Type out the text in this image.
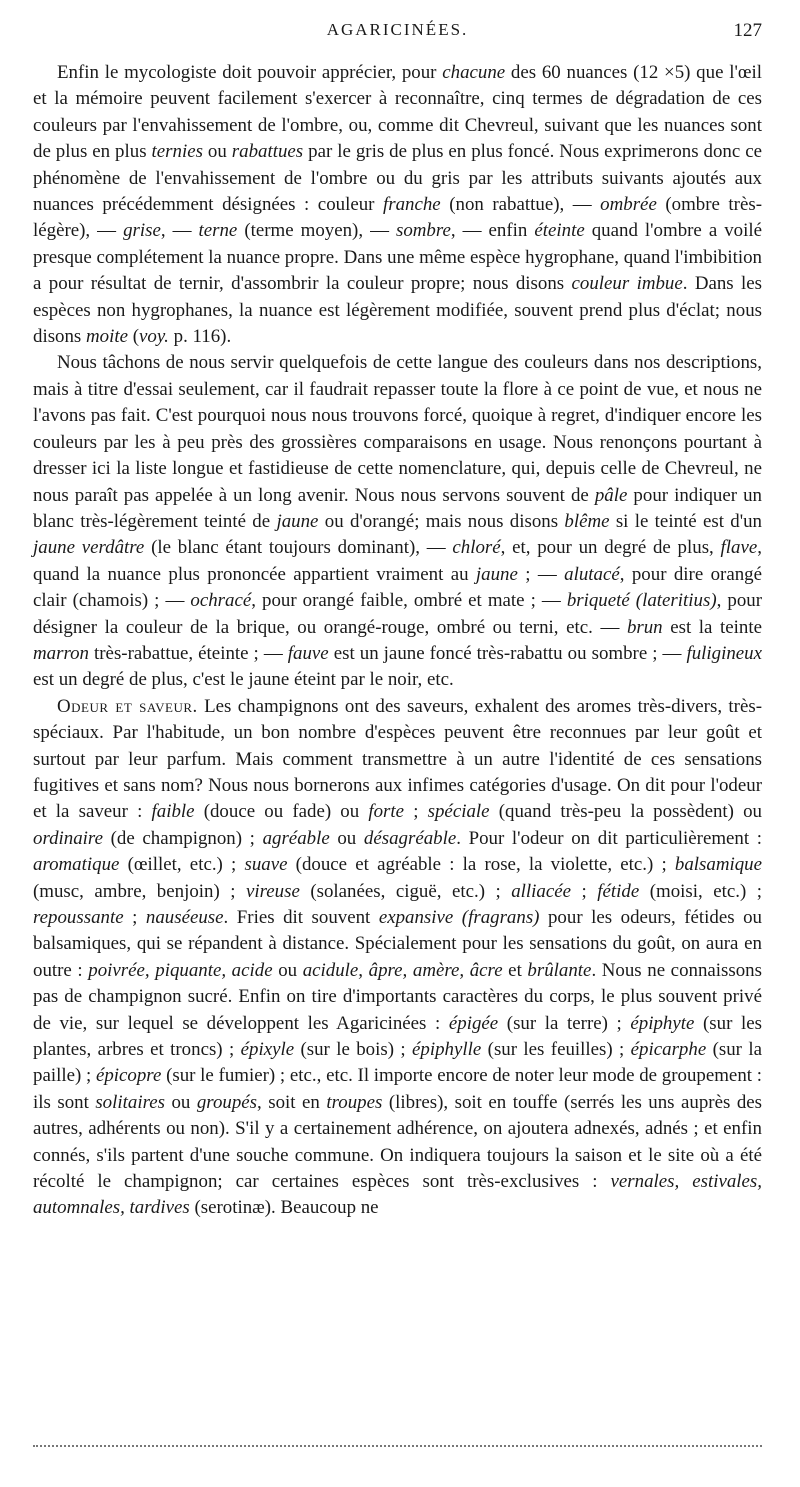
AGARICINÉES.	127

Enfin le mycologiste doit pouvoir apprécier, pour chacune des 60 nuances (12 ×5) que l'œil et la mémoire peuvent facilement s'exercer à reconnaître, cinq termes de dégradation de ces couleurs par l'envahissement de l'ombre, ou, comme dit Chevreul, suivant que les nuances sont de plus en plus ternies ou rabattues par le gris de plus en plus foncé. Nous exprimerons donc ce phénomène de l'envahissement de l'ombre ou du gris par les attributs suivants ajoutés aux nuances précédemment désignées : couleur franche (non rabattue), — ombrée (ombre très-légère), — grise, — terne (terme moyen), — sombre, — enfin éteinte quand l'ombre a voilé presque complétement la nuance propre. Dans une même espèce hygrophane, quand l'imbibition a pour résultat de ternir, d'assombrir la couleur propre; nous disons couleur imbue. Dans les espèces non hygrophanes, la nuance est légèrement modifiée, souvent prend plus d'éclat; nous disons moite (voy. p. 116).

Nous tâchons de nous servir quelquefois de cette langue des couleurs dans nos descriptions, mais à titre d'essai seulement, car il faudrait repasser toute la flore à ce point de vue, et nous ne l'avons pas fait. C'est pourquoi nous nous trouvons forcé, quoique à regret, d'indiquer encore les couleurs par les à peu près des grossières comparaisons en usage. Nous renonçons pourtant à dresser ici la liste longue et fastidieuse de cette nomenclature, qui, depuis celle de Chevreul, ne nous paraît pas appelée à un long avenir. Nous nous servons souvent de pâle pour indiquer un blanc très-légèrement teinté de jaune ou d'orangé; mais nous disons blême si le teinté est d'un jaune verdâtre (le blanc étant toujours dominant), — chloré, et, pour un degré de plus, flave, quand la nuance plus prononcée appartient vraiment au jaune ; — alutacé, pour dire orangé clair (chamois) ; — ochracé, pour orangé faible, ombré et mate ; — briqueté (lateritius), pour désigner la couleur de la brique, ou orangé-rouge, ombré ou terni, etc. — brun est la teinte marron très-rabattue, éteinte ; — fauve est un jaune foncé très-rabattu ou sombre ; — fuligineux est un degré de plus, c'est le jaune éteint par le noir, etc.

Odeur et saveur. Les champignons ont des saveurs, exhalent des aromes très-divers, très-spéciaux. Par l'habitude, un bon nombre d'espèces peuvent être reconnues par leur goût et surtout par leur parfum. Mais comment transmettre à un autre l'identité de ces sensations fugitives et sans nom? Nous nous bornerons aux infimes catégories d'usage. On dit pour l'odeur et la saveur : faible (douce ou fade) ou forte ; spéciale (quand très-peu la possèdent) ou ordinaire (de champignon) ; agréable ou désagréable. Pour l'odeur on dit particulièrement : aromatique (œillet, etc.) ; suave (douce et agréable : la rose, la violette, etc.) ; balsamique (musc, ambre, benjoin) ; vireuse (solanées, ciguë, etc.) ; alliacée ; fétide (moisi, etc.) ; repoussante ; nauséeuse. Fries dit souvent expansive (fragrans) pour les odeurs, fétides ou balsamiques, qui se répandent à distance. Spécialement pour les sensations du goût, on aura en outre : poivrée, piquante, acide ou acidule, âpre, amère, âcre et brûlante. Nous ne connaissons pas de champignon sucré. Enfin on tire d'importants caractères du corps, le plus souvent privé de vie, sur lequel se développent les Agaricinées : épigée (sur la terre) ; épiphyte (sur les plantes, arbres et troncs) ; épixyle (sur le bois) ; épiphylle (sur les feuilles) ; épicarphe (sur la paille) ; épicopre (sur le fumier) ; etc., etc. Il importe encore de noter leur mode de groupement : ils sont solitaires ou groupés, soit en troupes (libres), soit en touffe (serrés les uns auprès des autres, adhérents ou non). S'il y a certainement adhérence, on ajoutera adnexés, adnés ; et enfin connés, s'ils partent d'une souche commune. On indiquera toujours la saison et le site où a été récolté le champignon; car certaines espèces sont très-exclusives : vernales, estivales, automnales, tardives (serotinæ). Beaucoup ne
